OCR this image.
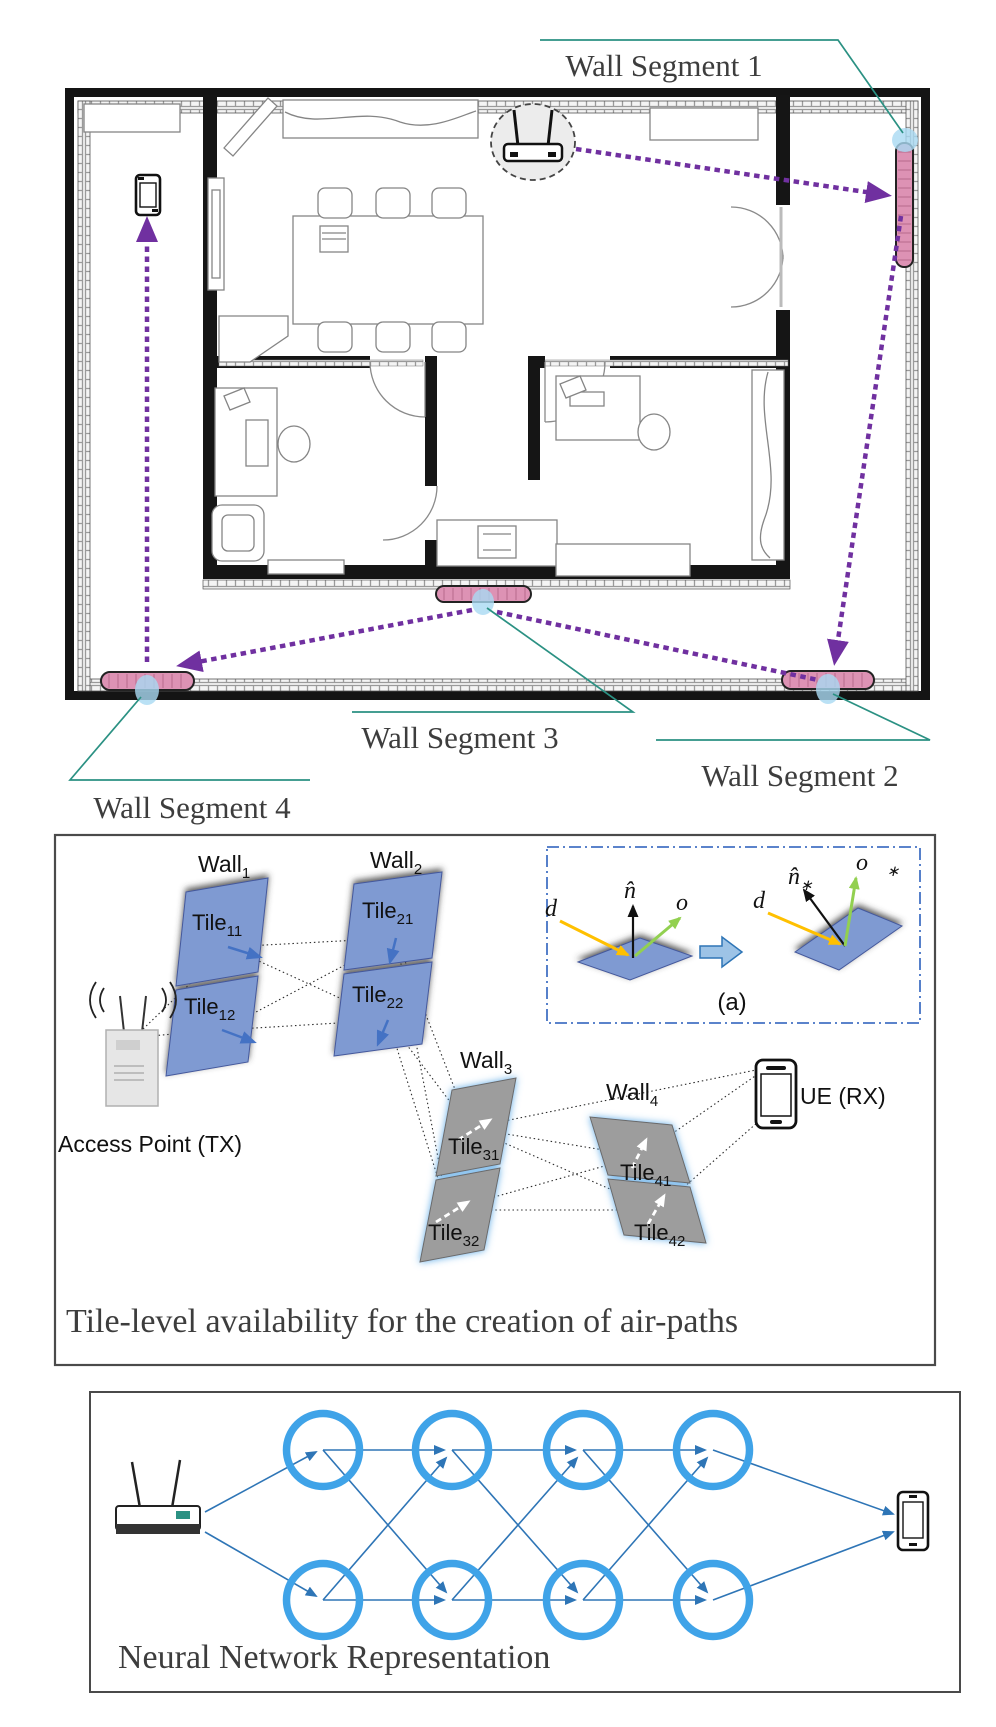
Wall Segment 1
Wall Segment 3
Wall Segment 2
Wall Segment 4
Wall$_1$
Wall$_2$
Wall$_3$
Wall$_4$
Tile$_{11}$
Tile$_{12}$
Tile$_{21}$
Tile$_{22}$
Tile$_{31}$
Tile$_{32}$
Tile$_{41}$
Tile$_{42}$
Access Point (TX)
UE (RX)
d⃗
n̂ o⃗ d⃗
$n̂_∗$
$o⃗_∗$
(a)
Tile-level availability for the creation of air-paths
Neural Network Representation
